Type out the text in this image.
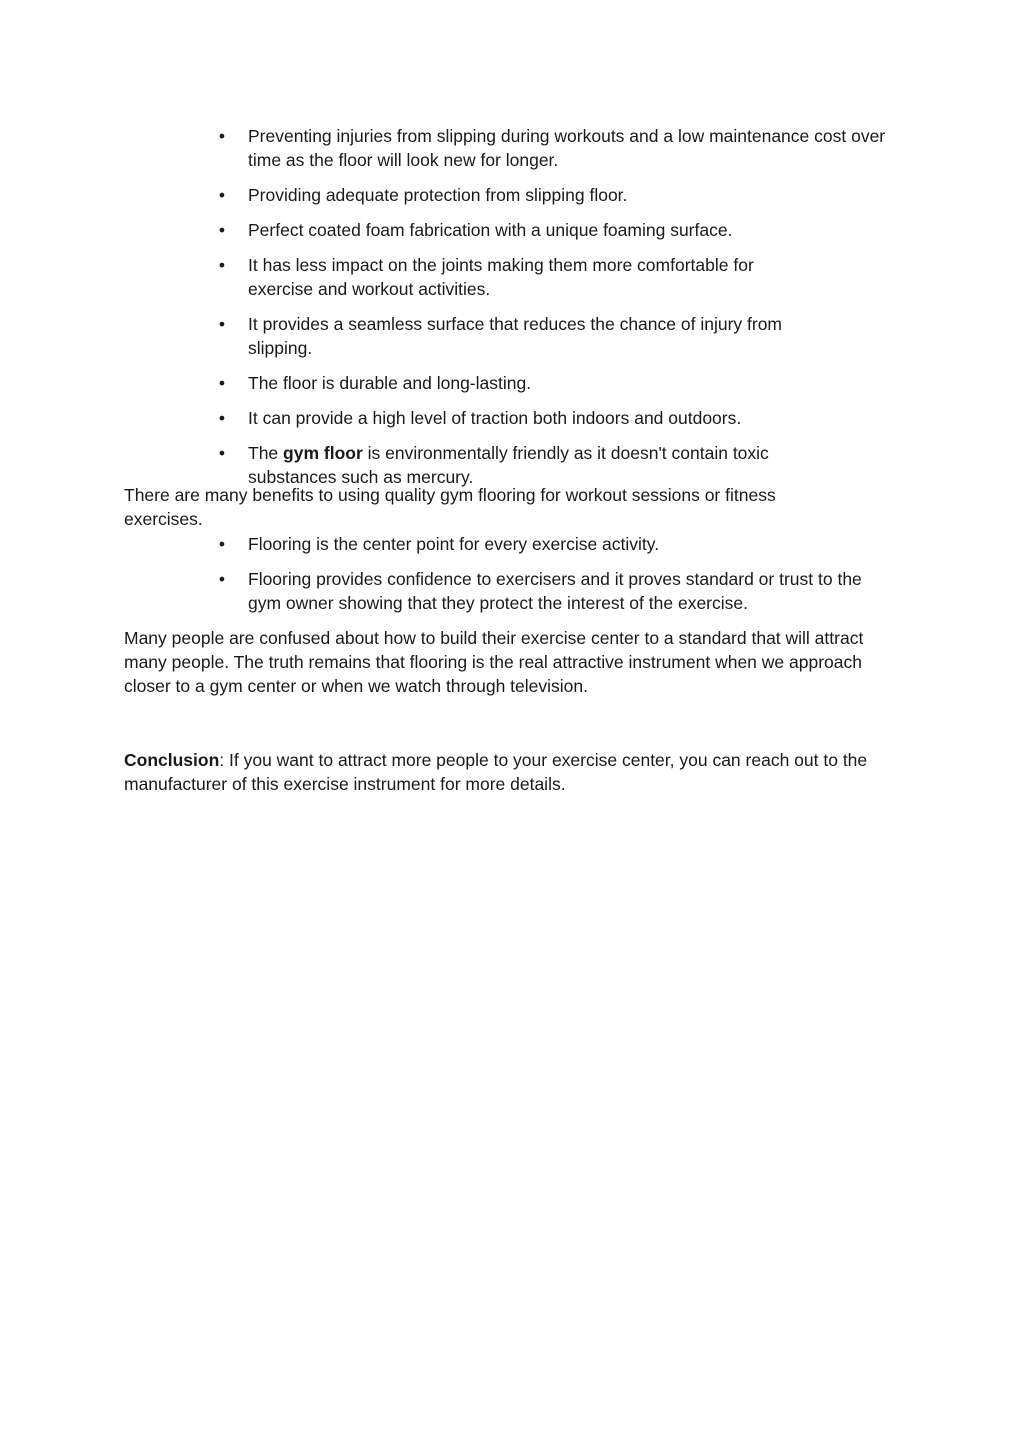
• Preventing injuries from slipping during workouts and a low maintenance cost over time as the floor will look new for longer.
• Providing adequate protection from slipping floor.
• Perfect coated foam fabrication with a unique foaming surface.
• It has less impact on the joints making them more comfortable for exercise and workout activities.
• It provides a seamless surface that reduces the chance of injury from slipping.
• The floor is durable and long-lasting.
• It can provide a high level of traction both indoors and outdoors.
• The gym floor is environmentally friendly as it doesn't contain toxic substances such as mercury.

There are many benefits to using quality gym flooring for workout sessions or fitness exercises.

• Flooring is the center point for every exercise activity.
• Flooring provides confidence to exercisers and it proves standard or trust to the gym owner showing that they protect the interest of the exercise.

Many people are confused about how to build their exercise center to a standard that will attract many people. The truth remains that flooring is the real attractive instrument when we approach closer to a gym center or when we watch through television.

Conclusion: If you want to attract more people to your exercise center, you can reach out to the manufacturer of this exercise instrument for more details.
